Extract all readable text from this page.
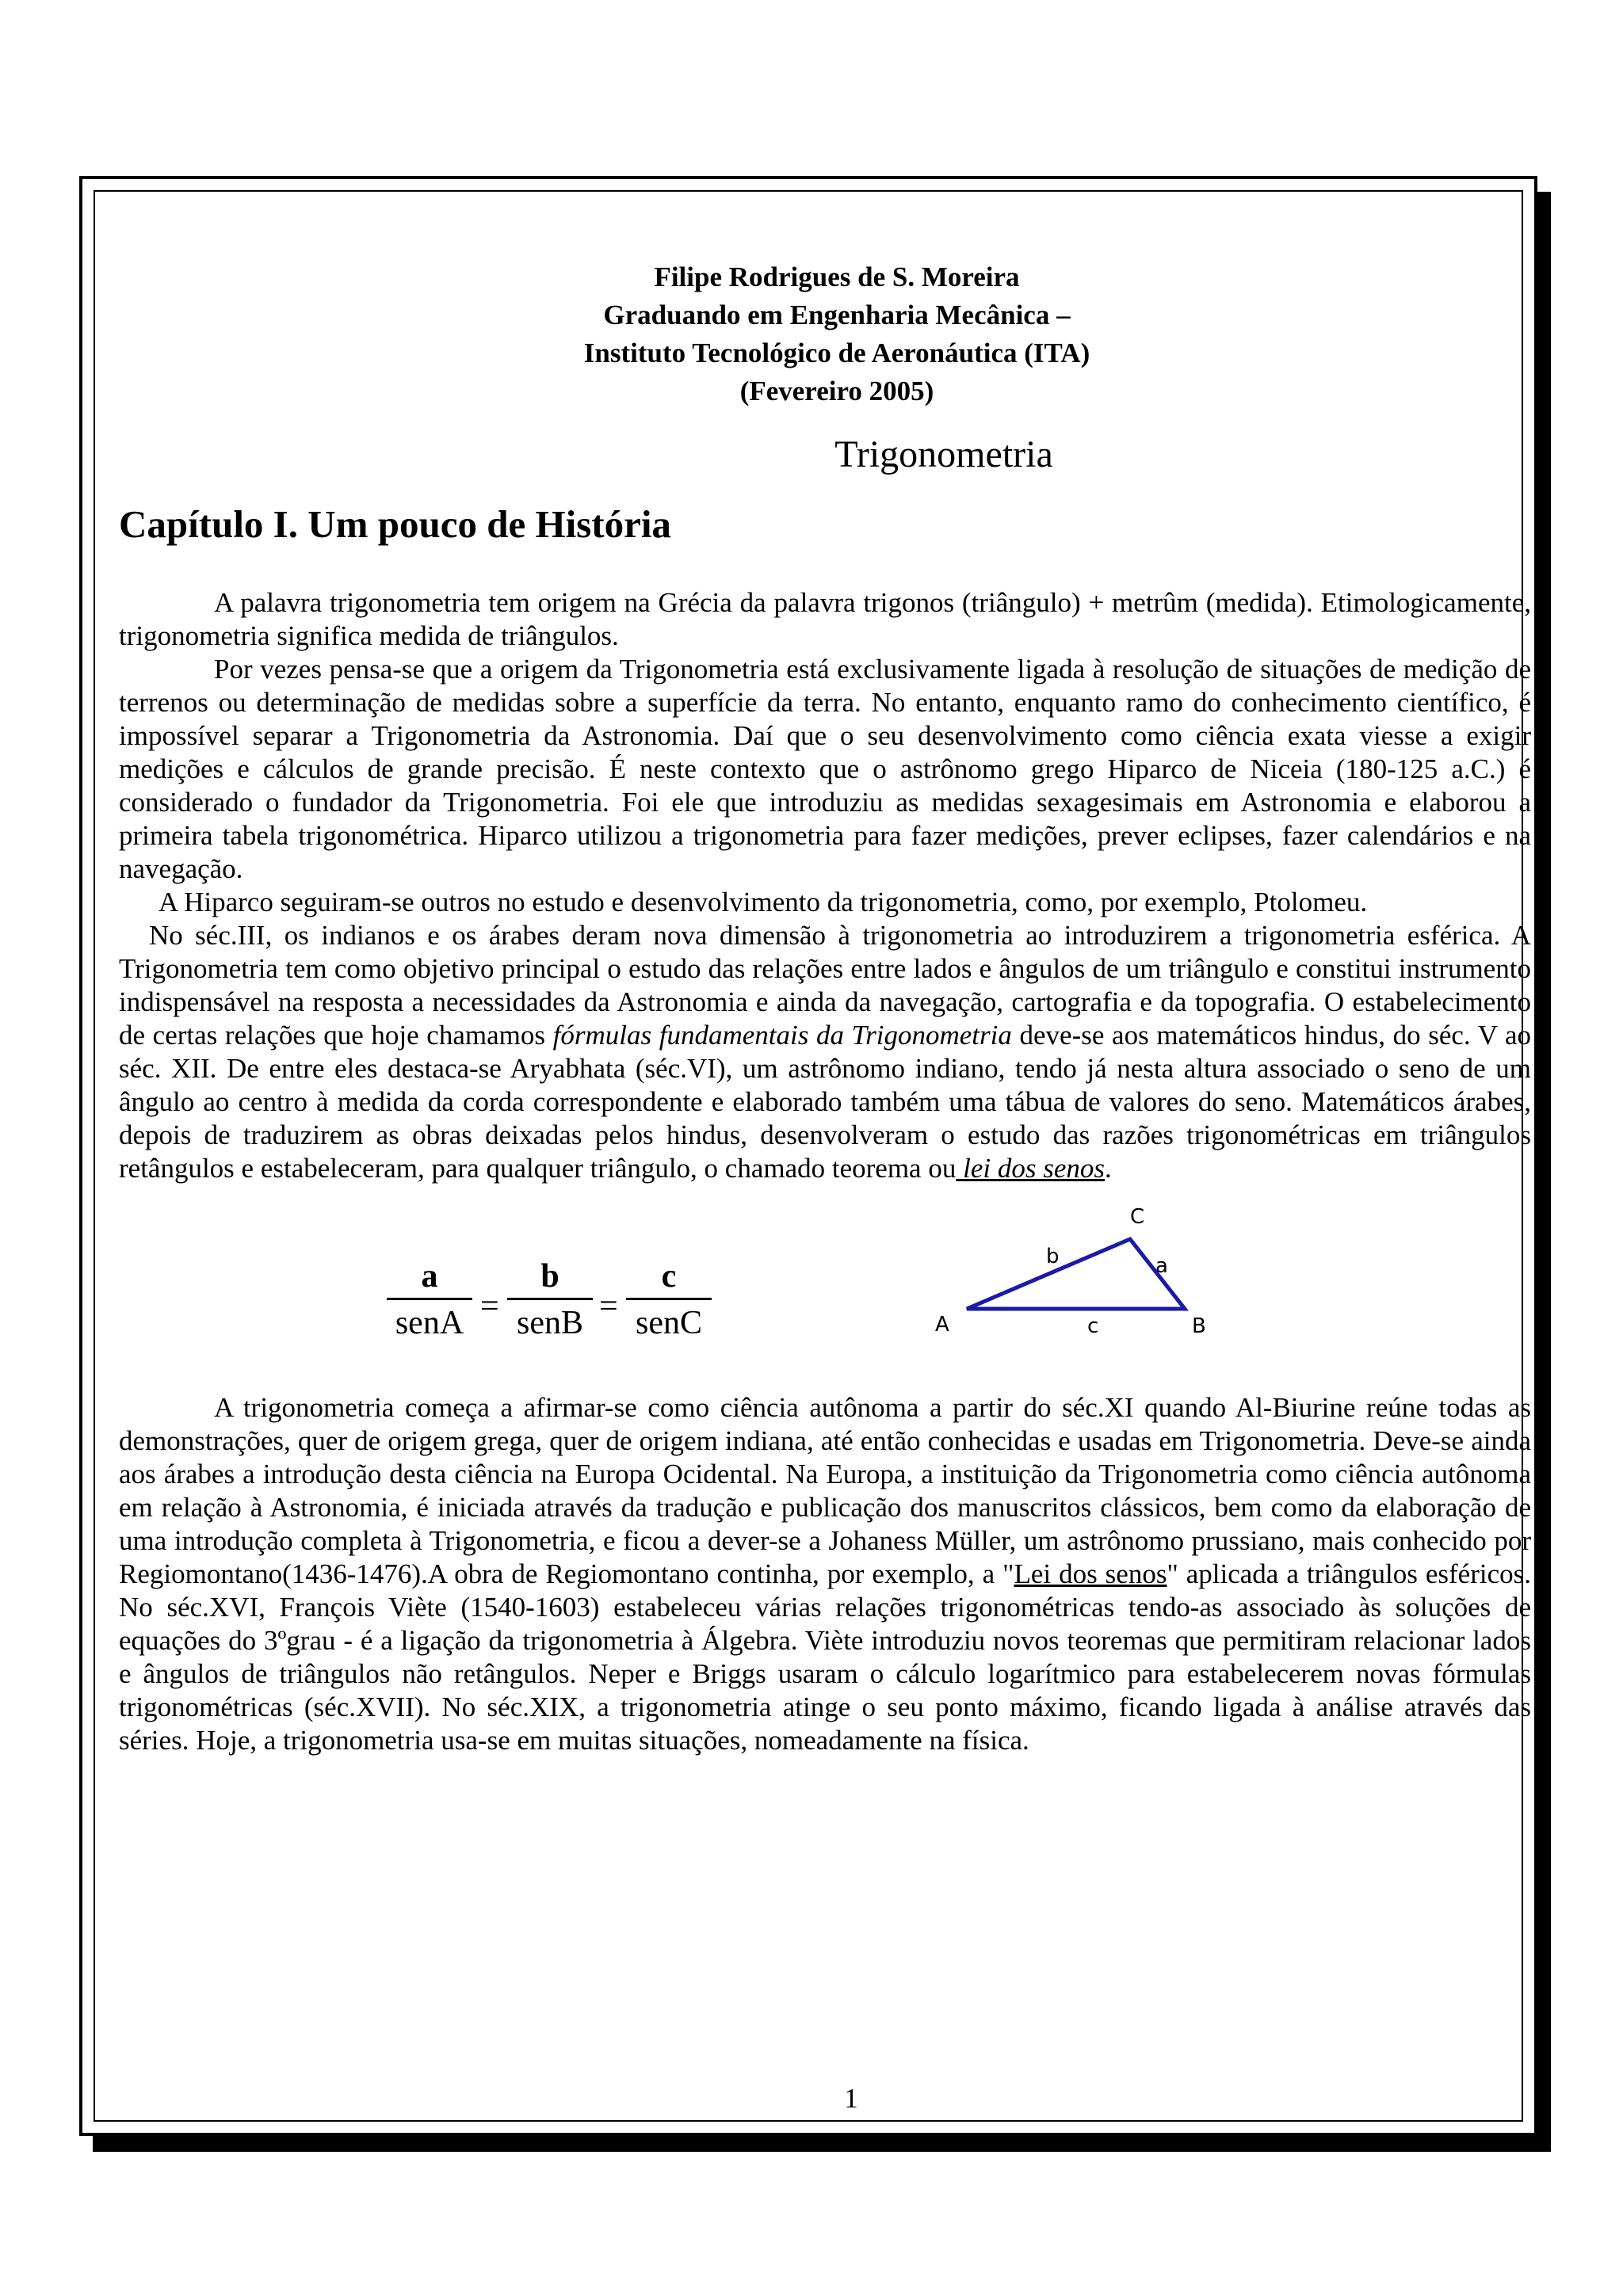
Filipe Rodrigues de S. Moreira
Graduando em Engenharia Mecânica –
Instituto Tecnológico de Aeronáutica (ITA)
(Fevereiro 2005)
Trigonometria
Capítulo I. Um pouco de História

A palavra trigonometria tem origem na Grécia da palavra trigonos (triângulo) + metrûm (medida). Etimologicamente, trigonometria significa medida de triângulos.

Por vezes pensa-se que a origem da Trigonometria está exclusivamente ligada à resolução de situações de medição de terrenos ou determinação de medidas sobre a superfície da terra. No entanto, enquanto ramo do conhecimento científico, é impossível separar a Trigonometria da Astronomia. Daí que o seu desenvolvimento como ciência exata viesse a exigir medições e cálculos de grande precisão. É neste contexto que o astrônomo grego Hiparco de Niceia (180-125 a.C.) é considerado o fundador da Trigonometria. Foi ele que introduziu as medidas sexagesimais em Astronomia e elaborou a primeira tabela trigonométrica. Hiparco utilizou a trigonometria para fazer medições, prever eclipses, fazer calendários e na navegação.

A Hiparco seguiram-se outros no estudo e desenvolvimento da trigonometria, como, por exemplo, Ptolomeu.

No séc.III, os indianos e os árabes deram nova dimensão à trigonometria ao introduzirem a trigonometria esférica. A Trigonometria tem como objetivo principal o estudo das relações entre lados e ângulos de um triângulo e constitui instrumento indispensável na resposta a necessidades da Astronomia e ainda da navegação, cartografia e da topografia. O estabelecimento de certas relações que hoje chamamos fórmulas fundamentais da Trigonometria deve-se aos matemáticos hindus, do séc. V ao séc. XII. De entre eles destaca-se Aryabhata (séc.VI), um astrônomo indiano, tendo já nesta altura associado o seno de um ângulo ao centro à medida da corda correspondente e elaborado também uma tábua de valores do seno. Matemáticos árabes, depois de traduzirem as obras deixadas pelos hindus, desenvolveram o estudo das razões trigonométricas em triângulos retângulos e estabeleceram, para qualquer triângulo, o chamado teorema ou lei dos senos.

a
senA =
b
senB =
c
senC	A	B
C
a
b
c

A trigonometria começa a afirmar-se como ciência autônoma a partir do séc.XI quando Al-Biurine reúne todas as demonstrações, quer de origem grega, quer de origem indiana, até então conhecidas e usadas em Trigonometria. Deve-se ainda aos árabes a introdução desta ciência na Europa Ocidental. Na Europa, a instituição da Trigonometria como ciência autônoma em relação à Astronomia, é iniciada através da tradução e publicação dos manuscritos clássicos, bem como da elaboração de uma introdução completa à Trigonometria, e ficou a dever-se a Johaness Müller, um astrônomo prussiano, mais conhecido por Regiomontano(1436-1476).A obra de Regiomontano continha, por exemplo, a "Lei dos senos" aplicada a triângulos esféricos. No séc.XVI, François Viète (1540-1603) estabeleceu várias relações trigonométricas tendo-as associado às soluções de equações do 3ºgrau - é a ligação da trigonometria à Álgebra. Viète introduziu novos teoremas que permitiram relacionar lados e ângulos de triângulos não retângulos. Neper e Briggs usaram o cálculo logarítmico para estabelecerem novas fórmulas trigonométricas (séc.XVII). No séc.XIX, a trigonometria atinge o seu ponto máximo, ficando ligada à análise através das séries. Hoje, a trigonometria usa-se em muitas situações, nomeadamente na física.

1
